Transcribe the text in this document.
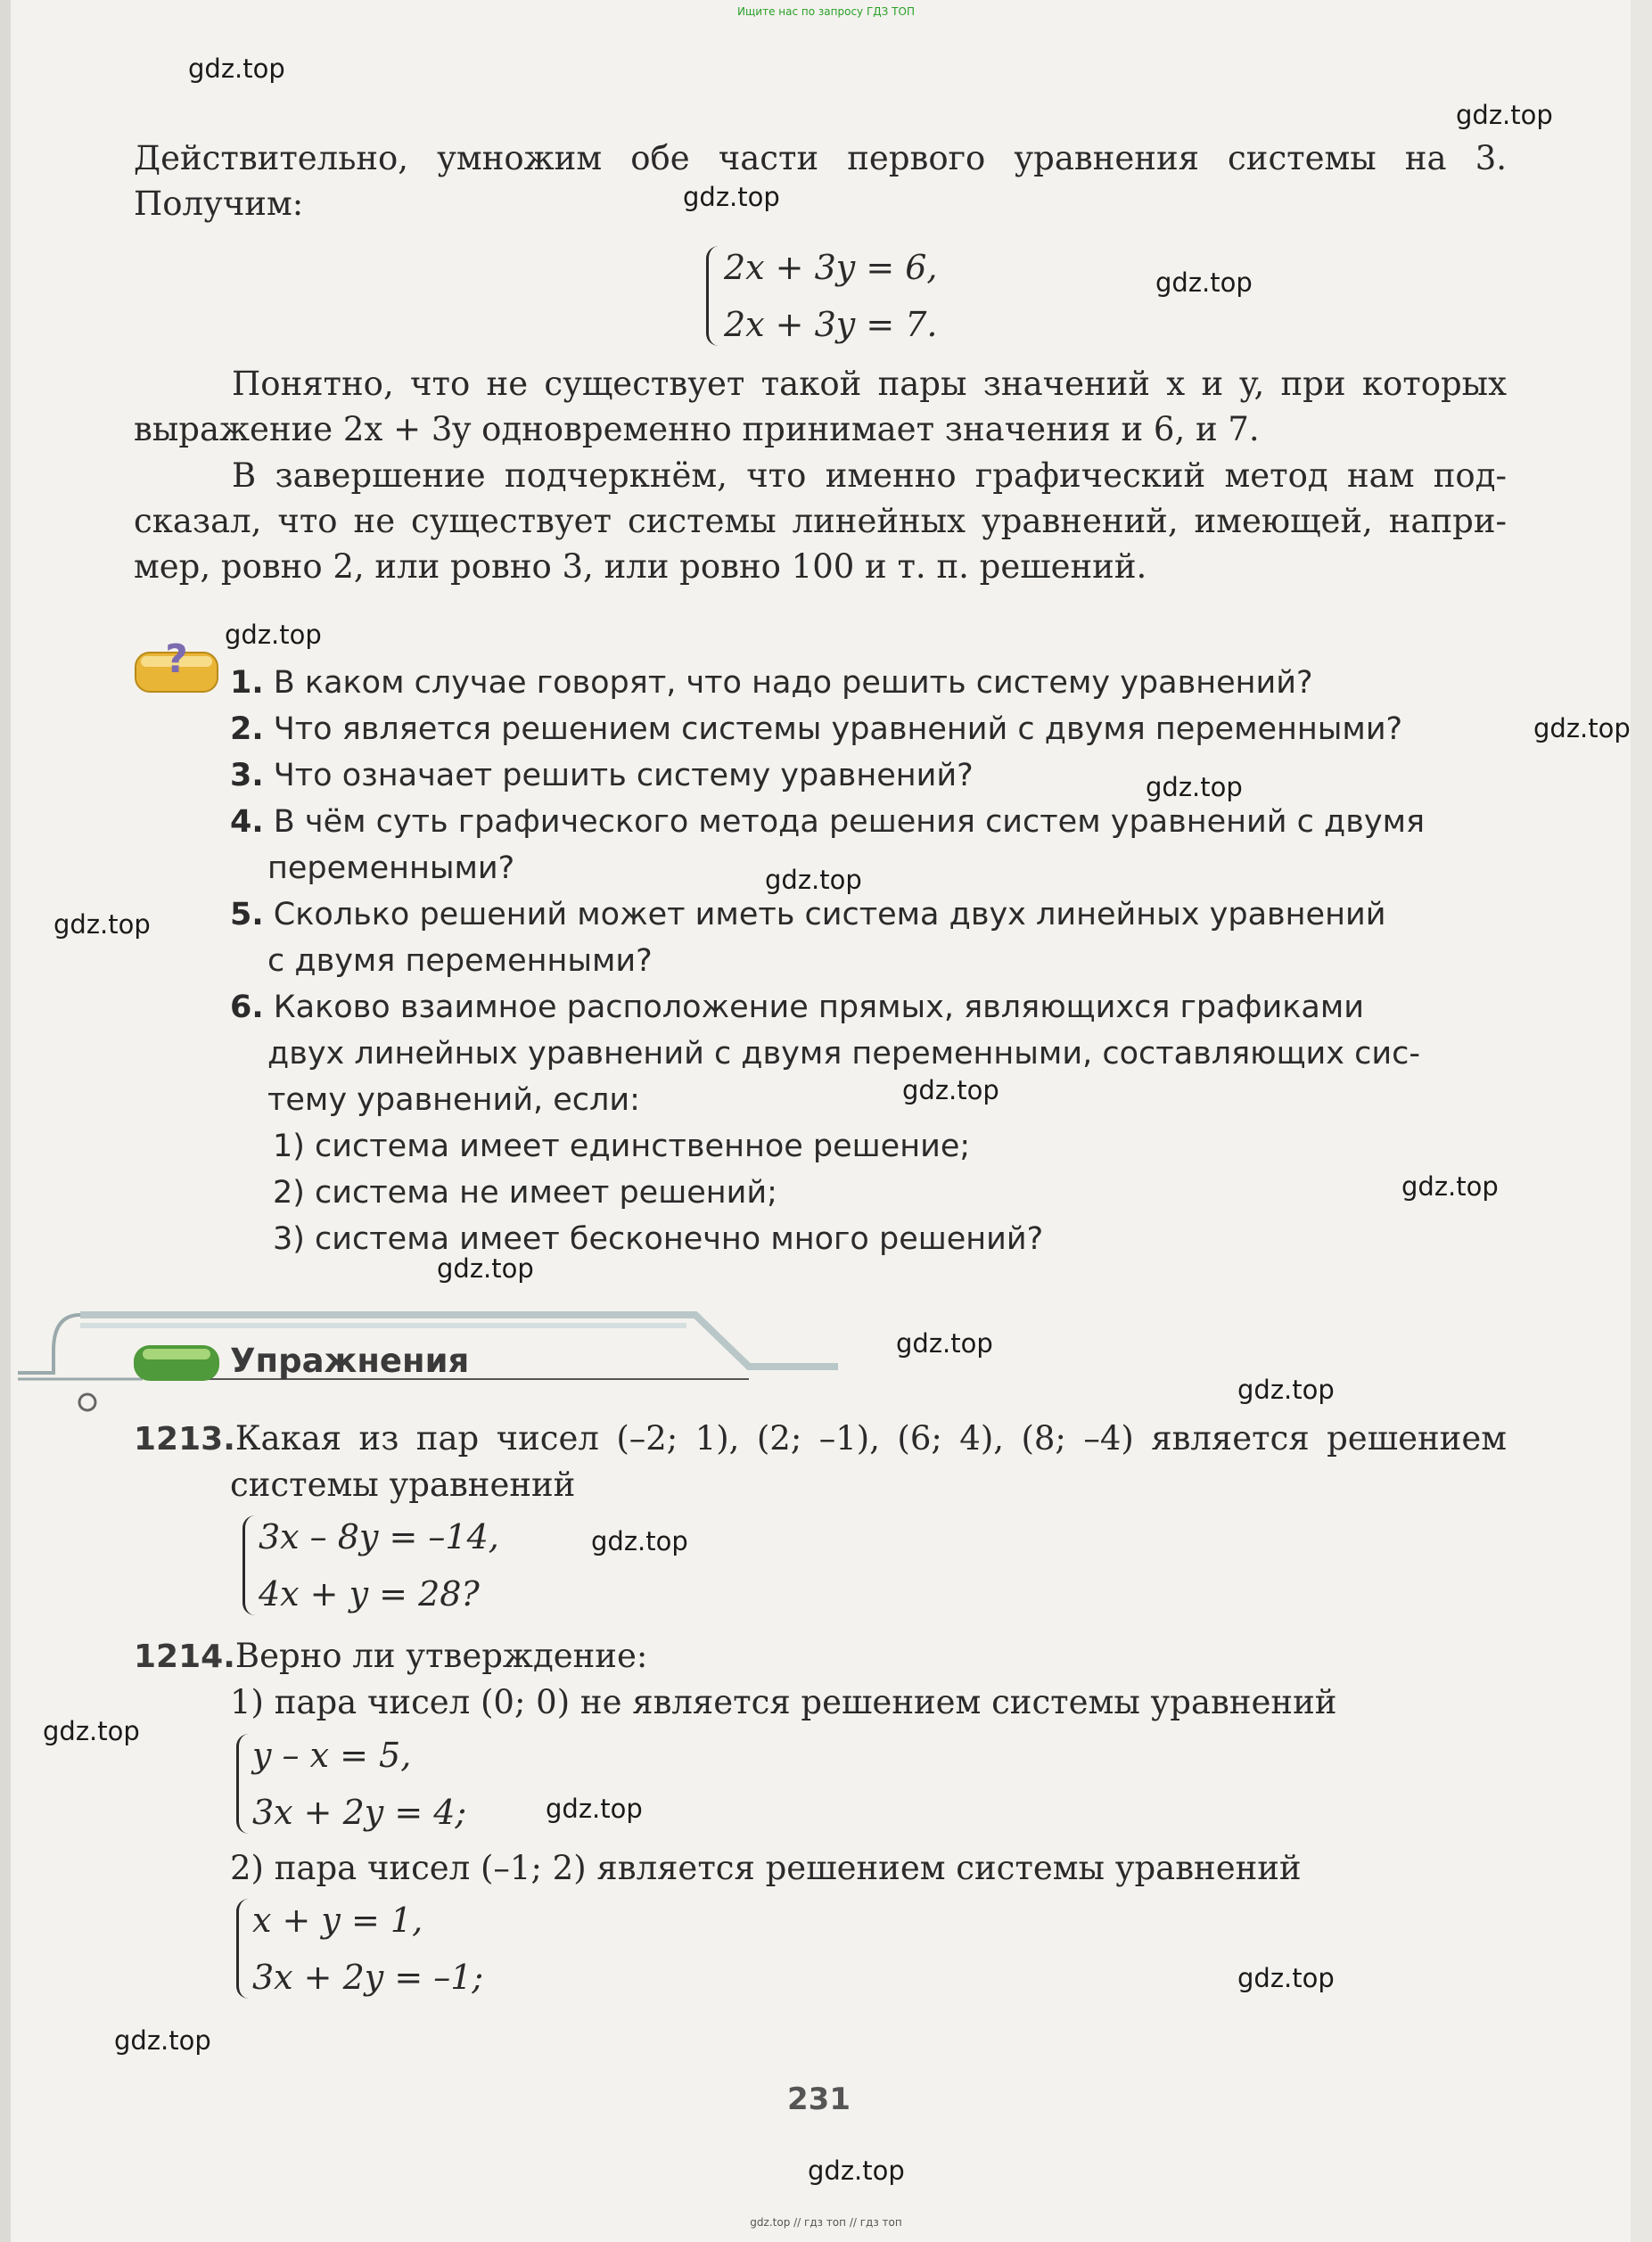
Ищите нас по запросу ГДЗ ТОП
gdz.top
gdz.top
gdz.top
gdz.top
gdz.top
gdz.top
gdz.top
gdz.top
gdz.top
gdz.top
gdz.top
gdz.top
gdz.top
gdz.top
gdz.top
gdz.top
gdz.top
gdz.top
gdz.top
gdz.top
Действительно, умножим обе части первого уравнения системы на 3.
Получим:
2x + 3y = 6,
2x + 3y = 7.
Понятно, что не существует такой пары значений x и y, при которых
выражение 2x + 3y одновременно принимает значения и 6, и 7.
В завершение подчеркнём, что именно графический метод нам под-
сказал, что не существует системы линейных уравнений, имеющей, напри-
мер, ровно 2, или ровно 3, или ровно 100 и т. п. решений.
?
1. В каком случае говорят, что надо решить систему уравнений?
2. Что является решением системы уравнений с двумя переменными?
3. Что означает решить систему уравнений?
4. В чём суть графического метода решения систем уравнений с двумя
переменными?
5. Сколько решений может иметь система двух линейных уравнений
с двумя переменными?
6. Каково взаимное расположение прямых, являющихся графиками
двух линейных уравнений с двумя переменными, составляющих сис-
тему уравнений, если:
1) система имеет единственное решение;
2) система не имеет решений;
3) система имеет бесконечно много решений?
Упражнения
1213.Какая из пар чисел (–2; 1), (2; –1), (6; 4), (8; –4) является решением
системы уравнений
3x – 8y = –14,
4x + y = 28?
1214.Верно ли утверждение:
1) пара чисел (0; 0) не является решением системы уравнений
y – x = 5,
3x + 2y = 4;
2) пара чисел (–1; 2) является решением системы уравнений
x + y = 1,
3x + 2y = –1;
231
gdz.top // гдз топ // гдз топ
